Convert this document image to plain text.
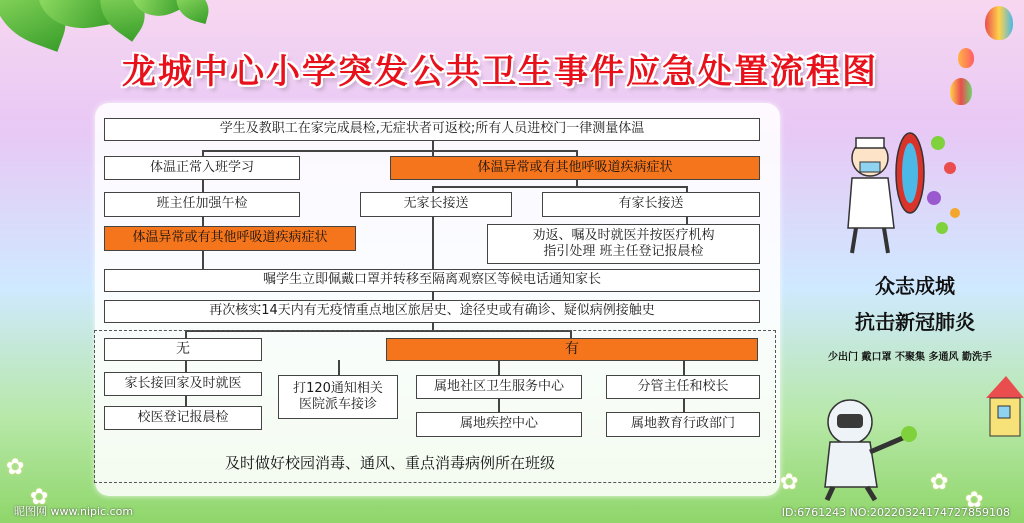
龙城中心小学突发公共卫生事件应急处置流程图
学生及教职工在家完成晨检,无症状者可返校;所有人员进校门一律测量体温
体温正常入班学习	体温异常或有其他呼吸道疾病症状
班主任加强午检	无家长接送	有家长接送
体温异常或有其他呼吸道疾病症状	劝返、嘱及时就医并按医疗机构
指引处理 班主任登记报晨检
嘱学生立即佩戴口罩并转移至隔离观察区等候电话通知家长
再次核实14天内有无疫情重点地区旅居史、途径史或有确诊、疑似病例接触史
无	有
家长接回家及时就医	打120通知相关
医院派车接诊
属地社区卫生服务中心	分管主任和校长
校医登记报晨检	属地疾控中心	属地教育行政部门
及时做好校园消毒、通风、重点消毒病例所在班级
众志成城
抗击新冠肺炎
少出门 戴口罩 不聚集 多通风 勤洗手
✿
✿
✿
✿
✿
昵图网 www.nipic.com	ID:6761243 NO:20220324174727859108
